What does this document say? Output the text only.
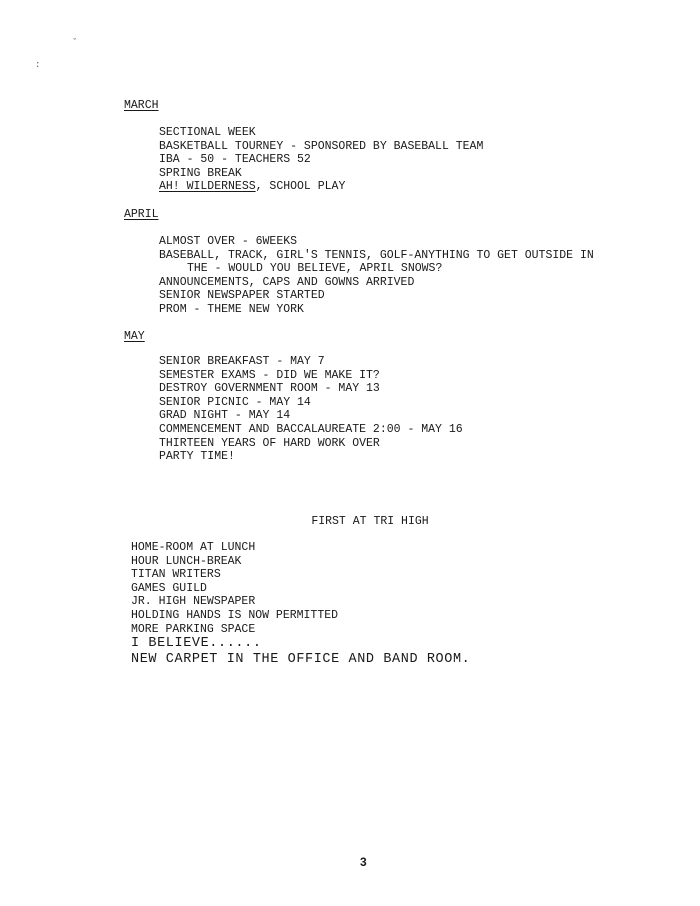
ˇ
:
MARCH
SECTIONAL WEEK
BASKETBALL TOURNEY - SPONSORED BY BASEBALL TEAM
IBA - 50 - TEACHERS 52
SPRING BREAK
AH! WILDERNESS, SCHOOL PLAY
APRIL
ALMOST OVER - 6WEEKS
BASEBALL, TRACK, GIRL'S TENNIS, GOLF-ANYTHING TO GET OUTSIDE IN
THE - WOULD YOU BELIEVE, APRIL SNOWS?
ANNOUNCEMENTS, CAPS AND GOWNS ARRIVED
SENIOR NEWSPAPER STARTED
PROM - THEME NEW YORK
MAY
SENIOR BREAKFAST - MAY 7
SEMESTER EXAMS - DID WE MAKE IT?
DESTROY GOVERNMENT ROOM - MAY 13
SENIOR PICNIC - MAY 14
GRAD NIGHT - MAY 14
COMMENCEMENT AND BACCALAUREATE 2:00 - MAY 16
THIRTEEN YEARS OF HARD WORK OVER
PARTY TIME!
FIRST AT TRI HIGH
HOME-ROOM AT LUNCH
HOUR LUNCH-BREAK
TITAN WRITERS
GAMES GUILD
JR. HIGH NEWSPAPER
HOLDING HANDS IS NOW PERMITTED
MORE PARKING SPACE
I BELIEVE......
NEW CARPET IN THE OFFICE AND BAND ROOM.
3
